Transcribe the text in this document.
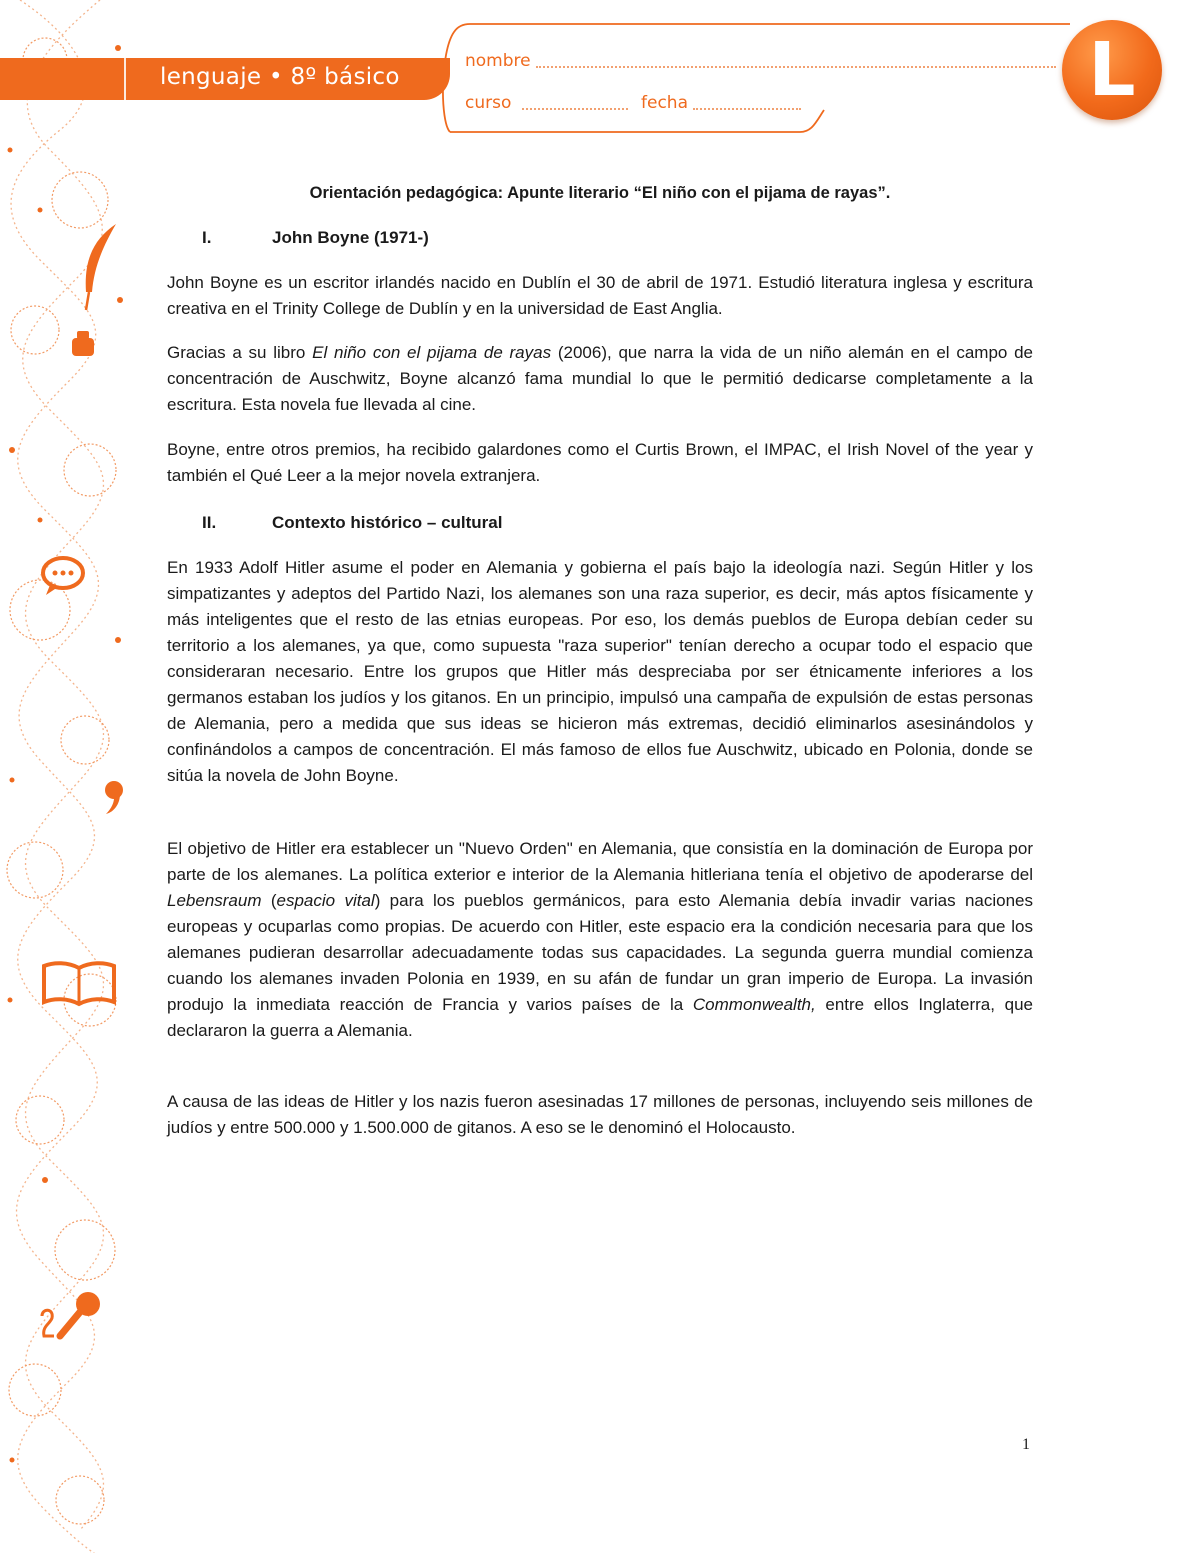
lenguaje • 8º básico
nombre
curso	fecha	L
Orientación pedagógica: Apunte literario “El niño con el pijama de rayas”.
I.	John Boyne (1971-)

John Boyne es un escritor irlandés nacido en Dublín el 30 de abril de 1971. Estudió literatura inglesa y escritura creativa en el Trinity College de Dublín y en la universidad de East Anglia.

Gracias a su libro El niño con el pijama de rayas (2006), que narra la vida de un niño alemán en el campo de concentración de Auschwitz, Boyne alcanzó fama mundial lo que le permitió dedicarse completamente a la escritura. Esta novela fue llevada al cine.

Boyne, entre otros premios, ha recibido galardones como el Curtis Brown, el IMPAC, el Irish Novel of the year y también el Qué Leer a la mejor novela extranjera.

II.	Contexto histórico – cultural

En 1933 Adolf Hitler asume el poder en Alemania y gobierna el país bajo la ideología nazi. Según Hitler y los simpatizantes y adeptos del Partido Nazi, los alemanes son una raza superior, es decir, más aptos físicamente y más inteligentes que el resto de las etnias europeas. Por eso, los demás pueblos de Europa debían ceder su territorio a los alemanes, ya que, como supuesta "raza superior" tenían derecho a ocupar todo el espacio que consideraran necesario. Entre los grupos que Hitler más despreciaba por ser étnicamente inferiores a los germanos estaban los judíos y los gitanos. En un principio, impulsó una campaña de expulsión de estas personas de Alemania, pero a medida que sus ideas se hicieron más extremas, decidió eliminarlos asesinándolos y confinándolos a campos de concentración. El más famoso de ellos fue Auschwitz, ubicado en Polonia, donde se sitúa la novela de John Boyne.

El objetivo de Hitler era establecer un "Nuevo Orden" en Alemania, que consistía en la dominación de Europa por parte de los alemanes. La política exterior e interior de la Alemania hitleriana tenía el objetivo de apoderarse del Lebensraum (espacio vital) para los pueblos germánicos, para esto Alemania debía invadir varias naciones europeas y ocuparlas como propias. De acuerdo con Hitler, este espacio era la condición necesaria para que los alemanes pudieran desarrollar adecuadamente todas sus capacidades. La segunda guerra mundial comienza cuando los alemanes invaden Polonia en 1939, en su afán de fundar un gran imperio de Europa. La invasión produjo la inmediata reacción de Francia y varios países de la Commonwealth, entre ellos Inglaterra, que declararon la guerra a Alemania.

A causa de las ideas de Hitler y los nazis fueron asesinadas 17 millones de personas, incluyendo seis millones de judíos y entre 500.000 y 1.500.000 de gitanos. A eso se le denominó el Holocausto.

1
